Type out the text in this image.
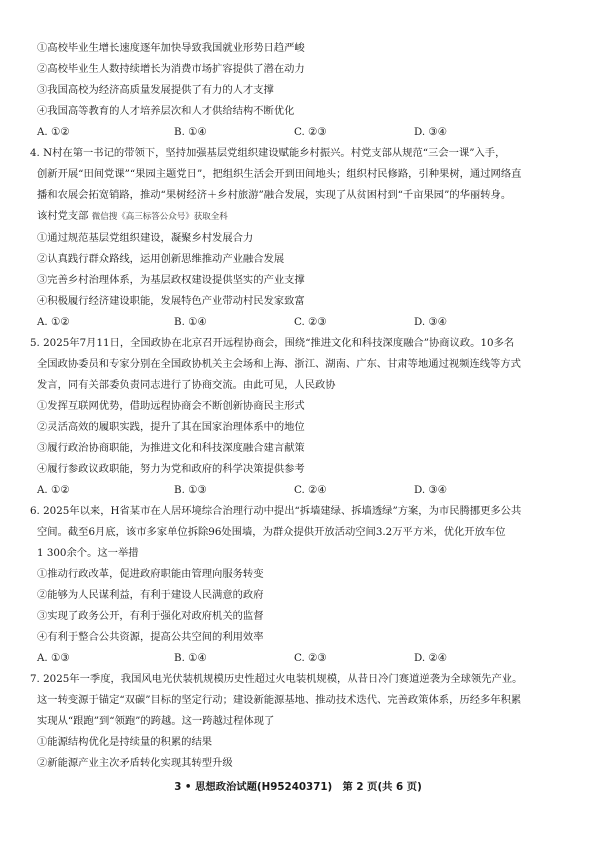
①高校毕业生增长速度逐年加快导致我国就业形势日趋严峻
②高校毕业生人数持续增长为消费市场扩容提供了潜在动力
③我国高校为经济高质量发展提供了有力的人才支撑
④我国高等教育的人才培养层次和人才供给结构不断优化
A. ①②	B. ①④	C. ②③	D. ③④
4. N村在第一书记的带领下，坚持加强基层党组织建设赋能乡村振兴。村党支部从规范“三会一课”入手，
创新开展“田间党课”“果园主题党日”，把组织生活会开到田间地头；组织村民修路，引种果树，通过网络直
播和农展会拓宽销路，推动“果树经济＋乡村旅游”融合发展，实现了从贫困村到“千亩果园”的华丽转身。
该村党支部 微信搜《高三标答公众号》获取全科
①通过规范基层党组织建设，凝聚乡村发展合力
②认真践行群众路线，运用创新思维推动产业融合发展
③完善乡村治理体系，为基层政权建设提供坚实的产业支撑
④积极履行经济建设职能，发展特色产业带动村民发家致富
A. ①②	B. ①④	C. ②③	D. ③④
5. 2025年7月11日，全国政协在北京召开远程协商会，围绕“推进文化和科技深度融合”协商议政。10多名
全国政协委员和专家分别在全国政协机关主会场和上海、浙江、湖南、广东、甘肃等地通过视频连线等方式
发言，同有关部委负责同志进行了协商交流。由此可见，人民政协
①发挥互联网优势，借助远程协商会不断创新协商民主形式
②灵活高效的履职实践，提升了其在国家治理体系中的地位
③履行政治协商职能，为推进文化和科技深度融合建言献策
④履行参政议政职能，努力为党和政府的科学决策提供参考
A. ①②	B. ①③	C. ②④	D. ③④
6. 2025年以来，H省某市在人居环境综合治理行动中提出“拆墙建绿、拆墙透绿”方案，为市民腾挪更多公共
空间。截至6月底，该市多家单位拆除96处围墙，为群众提供开放活动空间3.2万平方米，优化开放车位
1 300余个。这一举措
①推动行政改革，促进政府职能由管理向服务转变
②能够为人民谋利益，有利于建设人民满意的政府
③实现了政务公开，有利于强化对政府机关的监督
④有利于整合公共资源，提高公共空间的利用效率
A. ①③	B. ①④	C. ②③	D. ②④
7. 2025年一季度，我国风电光伏装机规模历史性超过火电装机规模，从昔日冷门赛道逆袭为全球领先产业。
这一转变源于锚定“双碳”目标的坚定行动；建设新能源基地、推动技术迭代、完善政策体系，历经多年积累
实现从“跟跑”到“领跑”的跨越。这一跨越过程体现了
①能源结构优化是持续量的积累的结果
②新能源产业主次矛盾转化实现其转型升级
3 • 思想政治试题(H95240371)　第 2 页(共 6 页)
